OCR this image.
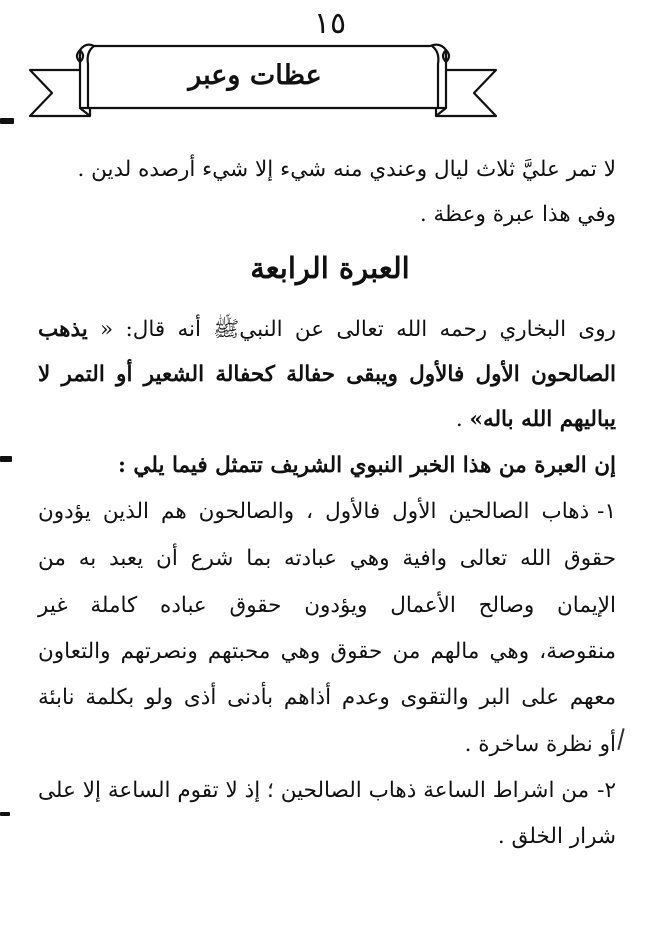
١٥
عظات وعبر
لا تمر عليَّ ثلاث ليال وعندي منه شيء إلا شيء أرصده لدين .
وفي هذا عبرة وعظة .
العبرة الرابعة
روى البخاري رحمه الله تعالى عن النبيﷺ أنه قال: « يذهب
الصالحون الأول فالأول ويبقى حفالة كحفالة الشعير أو التمر لا
يباليهم الله باله» .
إن العبرة من هذا الخبر النبوي الشريف تتمثل فيما يلي :
١-ذهاب الصالحين الأول فالأول ، والصالحون هم الذين يؤدون
حقوق الله تعالى وافية وهي عبادته بما شرع أن يعبد به من
الإيمان وصالح الأعمال ويؤدون حقوق عباده كاملة غير
منقوصة، وهي مالهم من حقوق وهي محبتهم ونصرتهم والتعاون
معهم على البر والتقوى وعدم أذاهم بأدنى أذى ولو بكلمة نابئة
أو نظرة ساخرة .
٢-من اشراط الساعة ذهاب الصالحين ؛ إذ لا تقوم الساعة إلا على
شرار الخلق .
